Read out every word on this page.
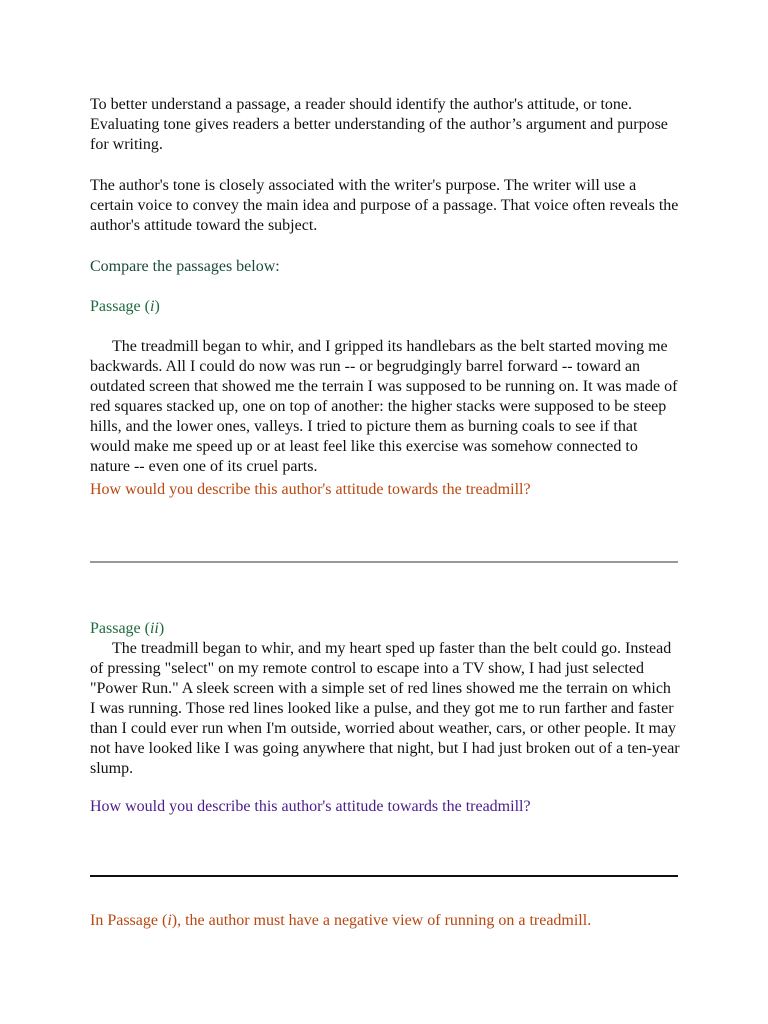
To better understand a passage, a reader should identify the author's attitude, or tone. Evaluating tone gives readers a better understanding of the author’s argument and purpose for writing.

The author's tone is closely associated with the writer's purpose. The writer will use a certain voice to convey the main idea and purpose of a passage. That voice often reveals the author's attitude toward the subject.

Compare the passages below:

Passage (i)

The treadmill began to whir, and I gripped its handlebars as the belt started moving me backwards. All I could do now was run -- or begrudgingly barrel forward -- toward an outdated screen that showed me the terrain I was supposed to be running on. It was made of red squares stacked up, one on top of another: the higher stacks were supposed to be steep hills, and the lower ones, valleys. I tried to picture them as burning coals to see if that would make me speed up or at least feel like this exercise was somehow connected to nature -- even one of its cruel parts.

How would you describe this author's attitude towards the treadmill?

Passage (ii)

The treadmill began to whir, and my heart sped up faster than the belt could go. Instead of pressing "select" on my remote control to escape into a TV show, I had just selected "Power Run." A sleek screen with a simple set of red lines showed me the terrain on which I was running. Those red lines looked like a pulse, and they got me to run farther and faster than I could ever run when I'm outside, worried about weather, cars, or other people. It may not have looked like I was going anywhere that night, but I had just broken out of a ten-year slump.

How would you describe this author's attitude towards the treadmill?

In Passage (i), the author must have a negative view of running on a treadmill.
